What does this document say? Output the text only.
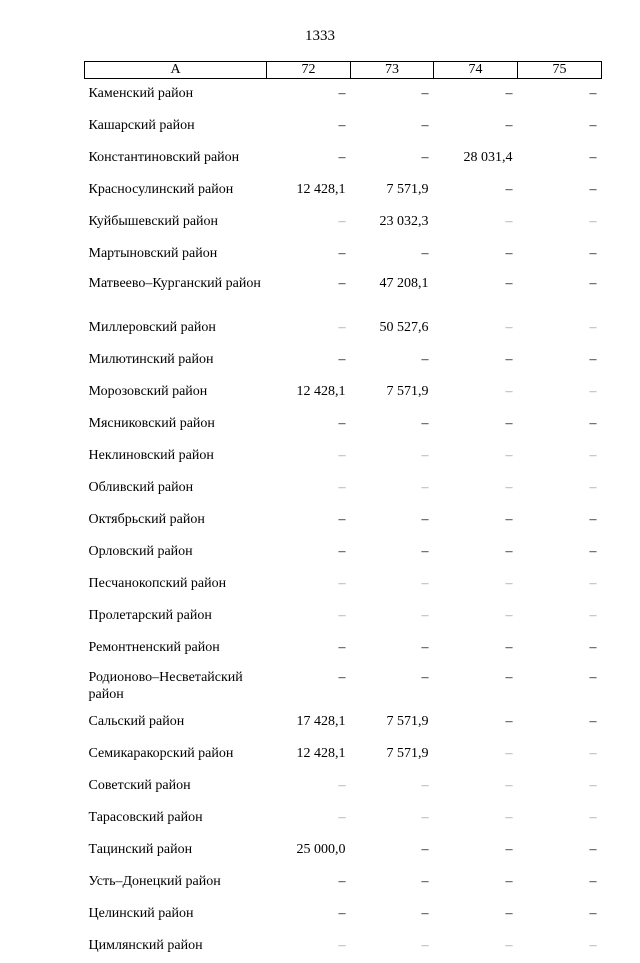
1333
А	72	73	74	75
Каменский район	–	–	–	–
Кашарский район	–	–	–	–
Константиновский район	–	–	28 031,4	–
Красносулинский район	12 428,1	7 571,9	–	–
Куйбышевский район	–	23 032,3	–	–
Мартыновский район	–	–	–	–
Матвеево–Курганский район	–	47 208,1	–	–
Миллеровский район	–	50 527,6	–	–
Милютинский район	–	–	–	–
Морозовский район	12 428,1	7 571,9	–	–
Мясниковский район	–	–	–	–
Неклиновский район	–	–	–	–
Обливский район	–	–	–	–
Октябрьский район	–	–	–	–
Орловский район	–	–	–	–
Песчанокопский район	–	–	–	–
Пролетарский район	–	–	–	–
Ремонтненский район	–	–	–	–
Родионово–Несветайский район	–	–	–	–
Сальский район	17 428,1	7 571,9	–	–
Семикаракорский район	12 428,1	7 571,9	–	–
Советский район	–	–	–	–
Тарасовский район	–	–	–	–
Тацинский район	25 000,0	–	–	–
Усть–Донецкий район	–	–	–	–
Целинский район	–	–	–	–
Цимлянский район	–	–	–	–
